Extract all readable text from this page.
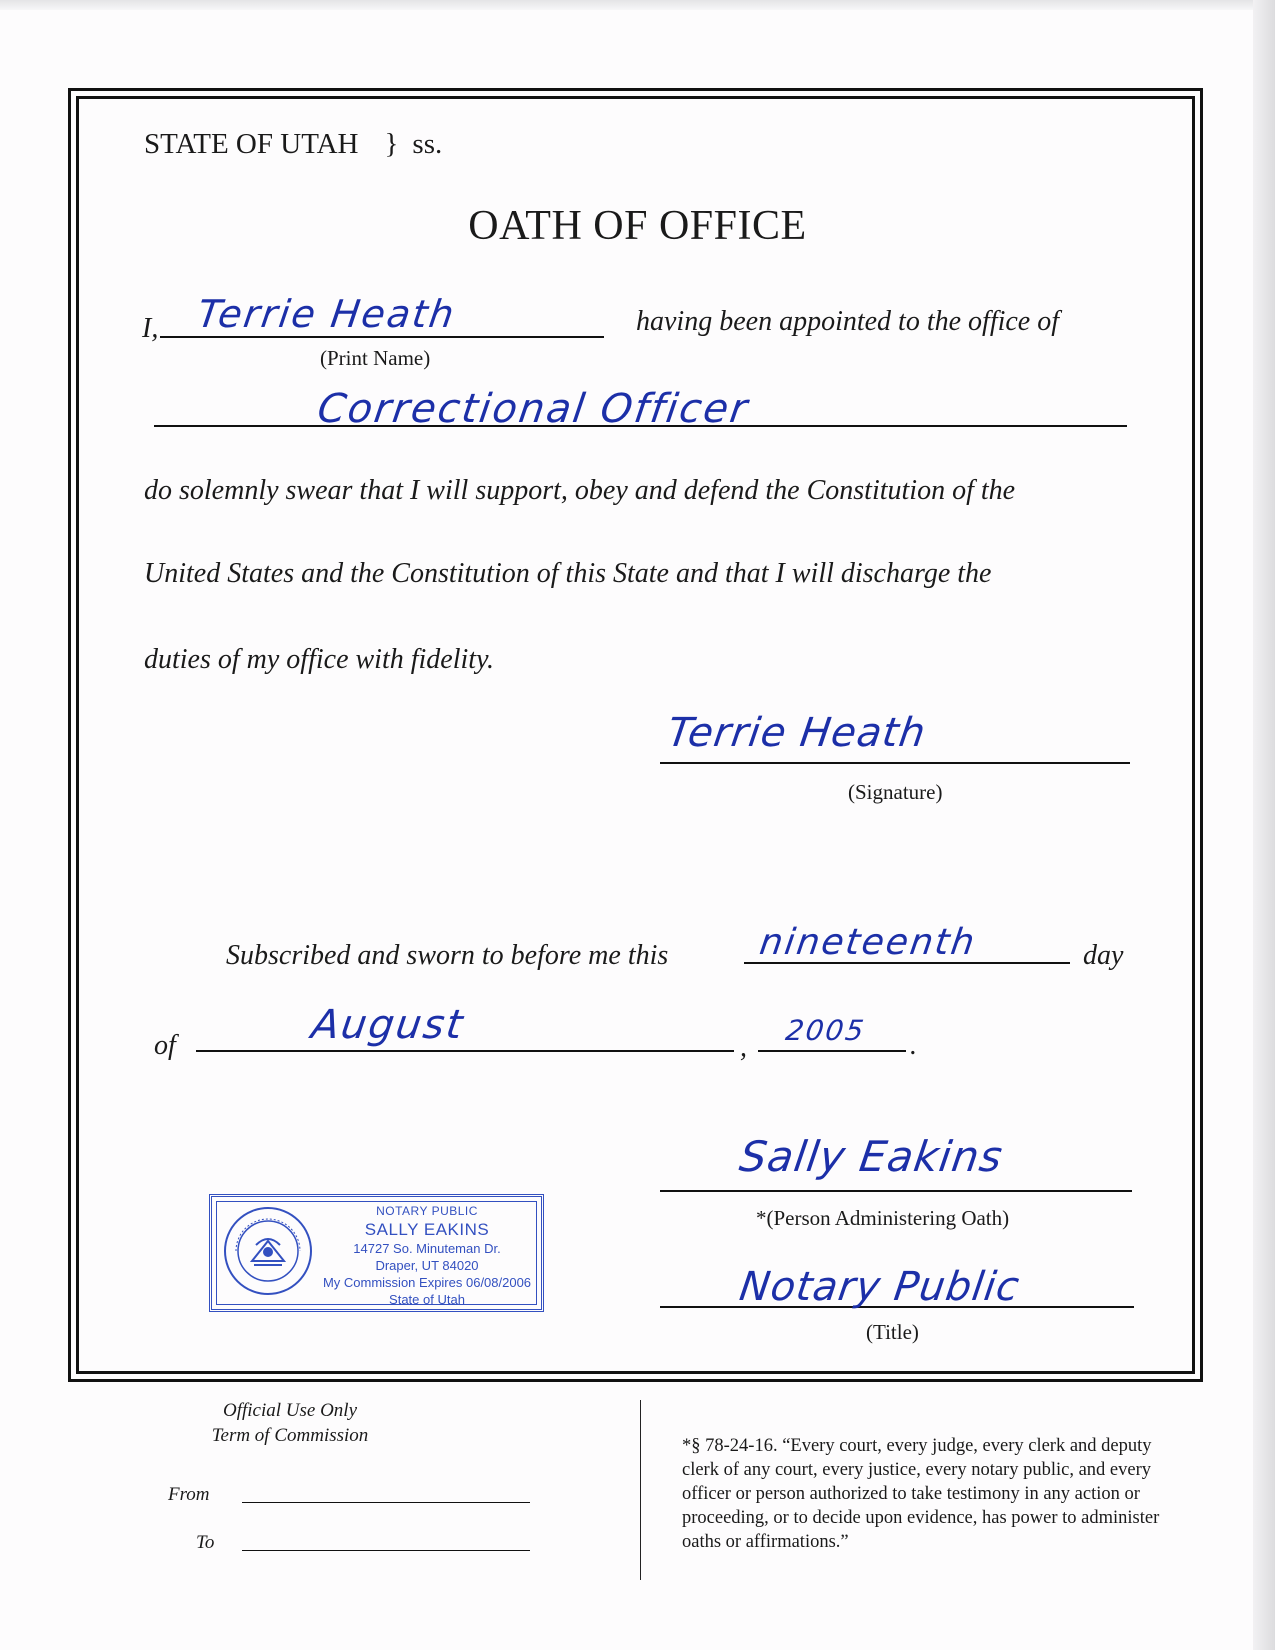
STATE OF UTAH } ss.
OATH OF OFFICE
I, Terrie Heath	having been appointed to the office of
(Print Name)
Correctional Officer
do solemnly swear that I will support, obey and defend the Constitution of the
United States and the Constitution of this State and that I will discharge the
duties of my office with fidelity.
Terrie Heath
(Signature)
Subscribed and sworn to before me this nineteenth	day
of	August	,
2005 .
Sally Eakins
*(Person Administering Oath)
Notary Public
(Title)
NOTARY PUBLIC
SALLY EAKINS
14727 So. Minuteman Dr.
Draper, UT 84020
My Commission Expires 06/08/2006
State of Utah
Official Use Only
Term of Commission
From
To
*§ 78-24-16. “Every court, every judge, every clerk and deputy clerk of any court, every justice, every notary public, and every officer or person authorized to take testimony in any action or proceeding, or to decide upon evidence, has power to administer oaths or affirmations.”
